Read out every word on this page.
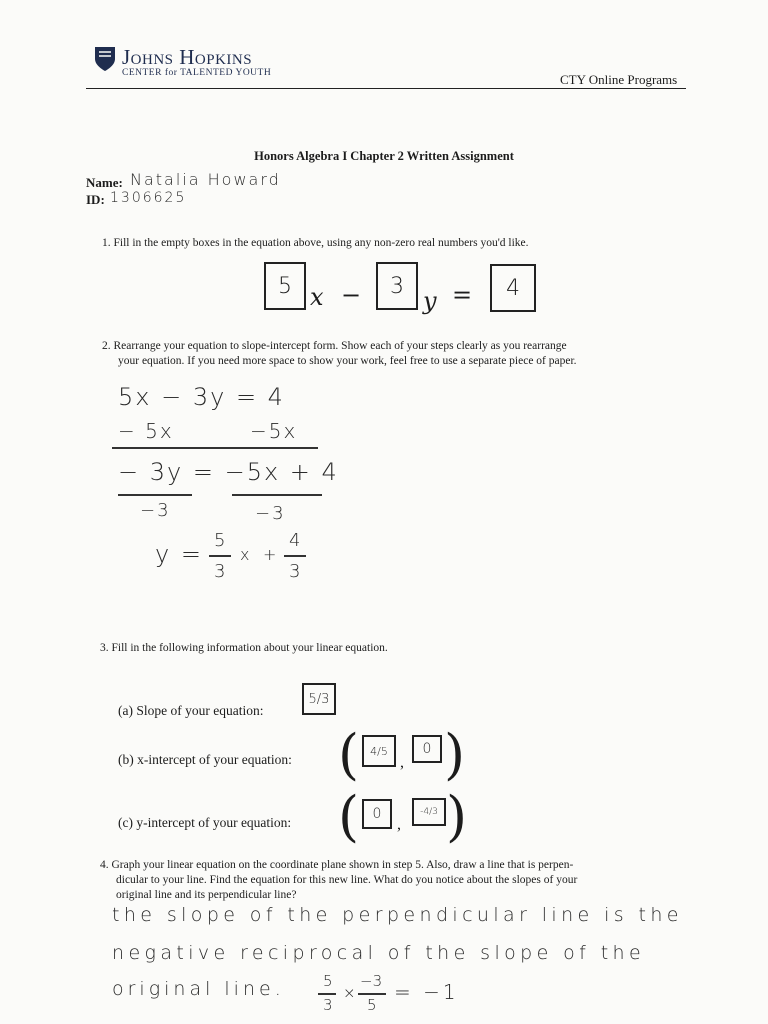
Johns Hopkins
CENTER for TALENTED YOUTH	CTY Online Programs
Honors Algebra I Chapter 2 Written Assignment
Name: Natalia Howard
ID: 1306625
1. Fill in the empty boxes in the equation above, using any non-zero real numbers you'd like.
5 x −	3
y =	4
2. Rearrange your equation to slope-intercept form. Show each of your steps clearly as you rearrange
your equation. If you need more space to show your work, feel free to use a separate piece of paper.
5x − 3y = 4
− 5x	−5x
− 3y = −5x + 4
−3	−3
y = 5
3
x +
4
3
3. Fill in the following information about your linear equation.
(a) Slope of your equation:
5/3
(b) x-intercept of your equation: ( 4/5
,
0 )
(c) y-intercept of your equation: ( 0
,
-4/3 )
4. Graph your linear equation on the coordinate plane shown in step 5. Also, draw a line that is perpen-
dicular to your line. Find the equation for this new line. What do you notice about the slopes of your
original line and its perpendicular line?
the slope of the perpendicular line is the
negative reciprocal of the slope of the
original line.	5
3
×
−3
5
= −1
